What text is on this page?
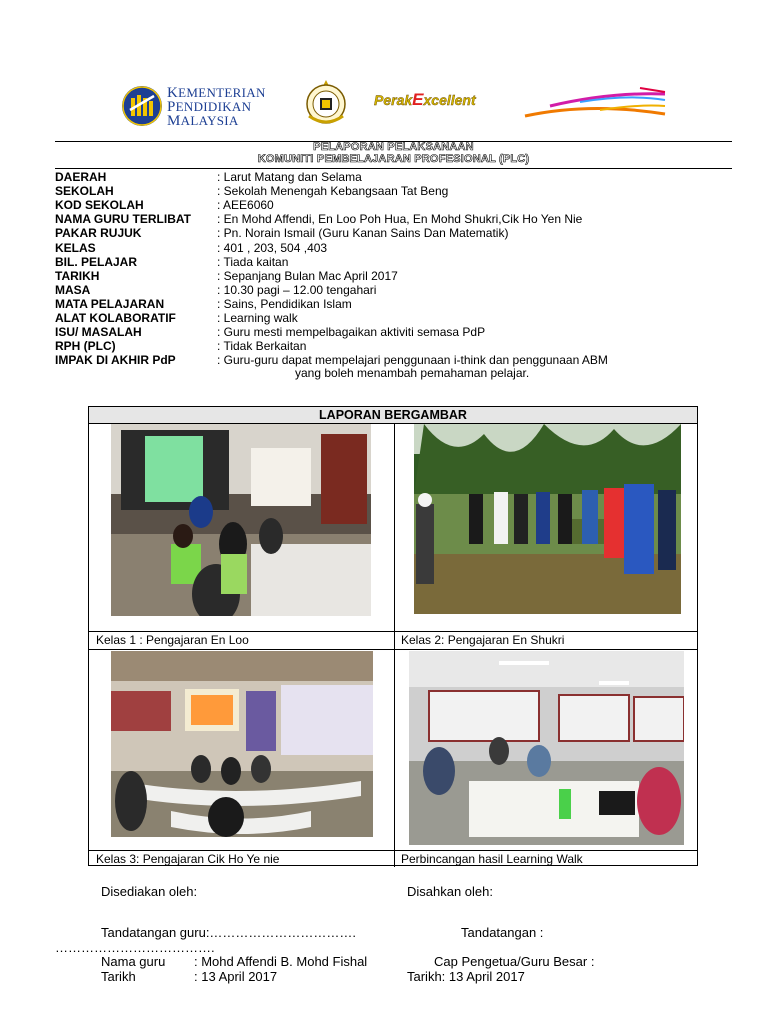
KEMENTERIAN
PENDIDIKAN
MALAYSIA
PerakExcellent
PELAPORAN PELAKSANAAN
KOMUNITI PEMBELAJARAN PROFESIONAL (PLC)
DAERAH	: Larut Matang dan Selama
SEKOLAH	: Sekolah Menengah Kebangsaan Tat Beng
KOD SEKOLAH	: AEE6060
NAMA GURU TERLIBAT : En Mohd Affendi, En Loo Poh Hua, En Mohd Shukri,Cik Ho Yen Nie
PAKAR RUJUK	: Pn. Norain Ismail (Guru Kanan Sains Dan Matematik)
KELAS	: 401 , 203, 504 ,403
BIL. PELAJAR	: Tiada kaitan
TARIKH	: Sepanjang Bulan Mac April 2017
MASA	: 10.30 pagi – 12.00 tengahari
MATA PELAJARAN	: Sains, Pendidikan Islam
ALAT KOLABORATIF	: Learning walk
ISU/ MASALAH	: Guru mesti mempelbagaikan aktiviti semasa PdP
RPH (PLC)	: Tidak Berkaitan
IMPAK DI AKHIR PdP	: Guru-guru dapat mempelajari penggunaan i-think dan penggunaan ABM
yang boleh menambah pemahaman pelajar.
LAPORAN BERGAMBAR
Kelas 1 : Pengajaran En Loo	Kelas 2: Pengajaran En Shukri
Kelas 3: Pengajaran Cik Ho Ye nie	Perbincangan hasil Learning Walk
Disediakan oleh:	Disahkan oleh:
Tandatangan guru:…………………………….	Tandatangan :
……………………………….
Nama guru : Mohd Affendi B. Mohd Fishal	Cap Pengetua/Guru Besar :
Tarikh	: 13 April 2017	Tarikh: 13 April 2017
